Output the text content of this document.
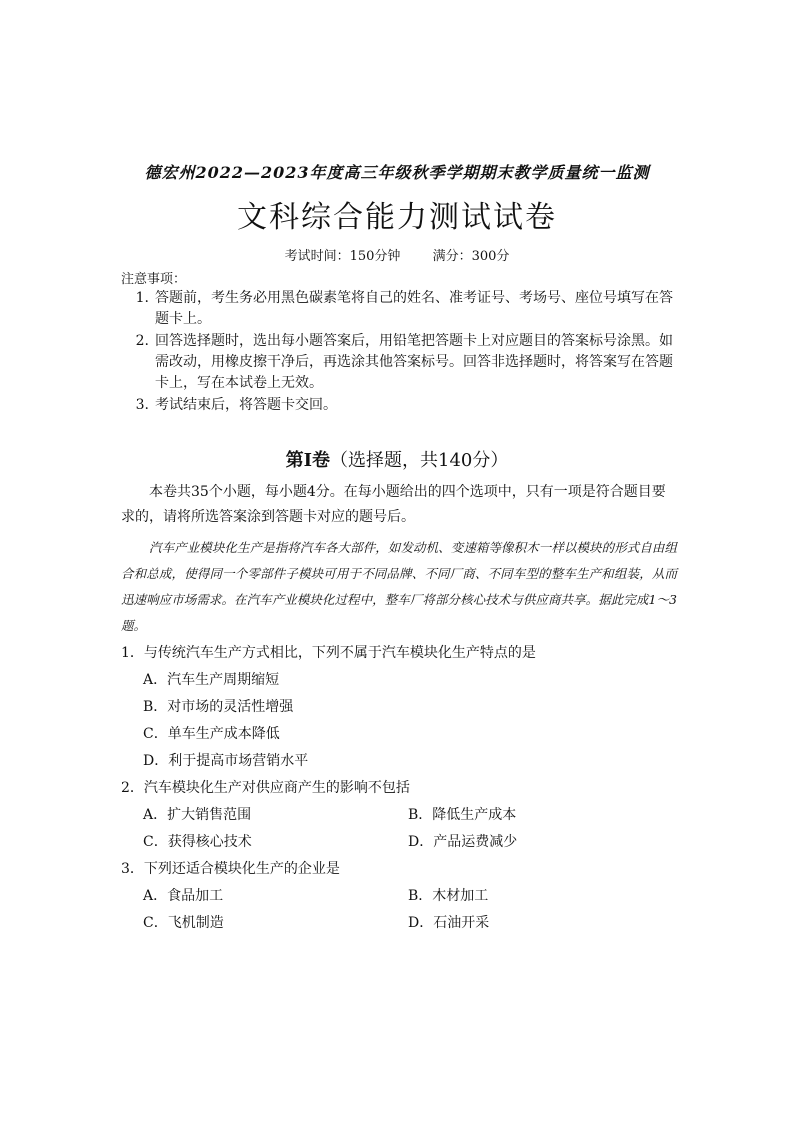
德宏州2022—2023年度高三年级秋季学期期末教学质量统一监测
文科综合能力测试试卷
考试时间：150分钟 满分：300分
注意事项：
1. 答题前，考生务必用黑色碳素笔将自己的姓名、准考证号、考场号、座位号填写在答题卡上。
2. 回答选择题时，选出每小题答案后，用铅笔把答题卡上对应题目的答案标号涂黑。如需改动，用橡皮擦干净后，再选涂其他答案标号。回答非选择题时，将答案写在答题卡上，写在本试卷上无效。
3. 考试结束后，将答题卡交回。
第I卷（选择题，共140分）
本卷共35个小题，每小题4分。在每小题给出的四个选项中，只有一项是符合题目要求的，请将所选答案涂到答题卡对应的题号后。
汽车产业模块化生产是指将汽车各大部件，如发动机、变速箱等像积木一样以模块的形式自由组合和总成，使得同一个零部件子模块可用于不同品牌、不同厂商、不同车型的整车生产和组装，从而迅速响应市场需求。在汽车产业模块化过程中，整车厂将部分核心技术与供应商共享。据此完成1～3题。
1．与传统汽车生产方式相比，下列不属于汽车模块化生产特点的是
A．汽车生产周期缩短
B．对市场的灵活性增强
C．单车生产成本降低
D．利于提高市场营销水平
2．汽车模块化生产对供应商产生的影响不包括
A．扩大销售范围	B．降低生产成本
C．获得核心技术	D．产品运费减少
3．下列还适合模块化生产的企业是
A．食品加工	B．木材加工
C．飞机制造	D．石油开采
